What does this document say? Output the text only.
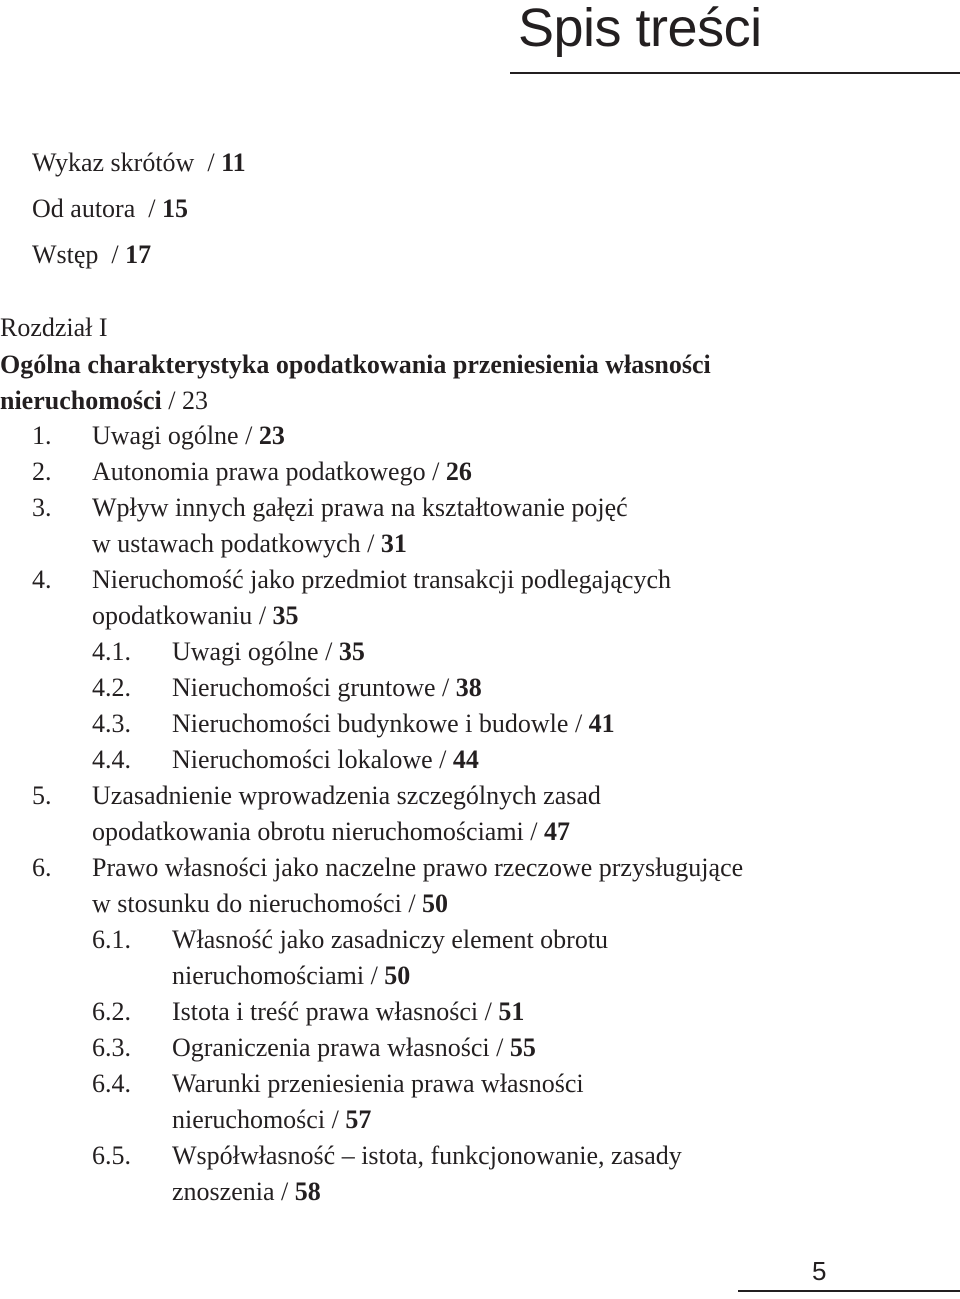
Spis treści
Wykaz skrótów / 11
Od autora / 15
Wstęp / 17
Rozdział I
Ogólna charakterystyka opodatkowania przeniesienia własności nieruchomości / 23
1. Uwagi ogólne / 23
2. Autonomia prawa podatkowego / 26
3. Wpływ innych gałęzi prawa na kształtowanie pojęć
w ustawach podatkowych / 31
4. Nieruchomość jako przedmiot transakcji podlegających
opodatkowaniu / 35
4.1. Uwagi ogólne / 35
4.2. Nieruchomości gruntowe / 38
4.3. Nieruchomości budynkowe i budowle / 41
4.4. Nieruchomości lokalowe / 44
5. Uzasadnienie wprowadzenia szczególnych zasad
opodatkowania obrotu nieruchomościami / 47
6. Prawo własności jako naczelne prawo rzeczowe przysługujące
w stosunku do nieruchomości / 50
6.1. Własność jako zasadniczy element obrotu
nieruchomościami / 50
6.2. Istota i treść prawa własności / 51
6.3. Ograniczenia prawa własności / 55
6.4. Warunki przeniesienia prawa własności
nieruchomości / 57
6.5. Współwłasność – istota, funkcjonowanie, zasady
znoszenia / 58
5
